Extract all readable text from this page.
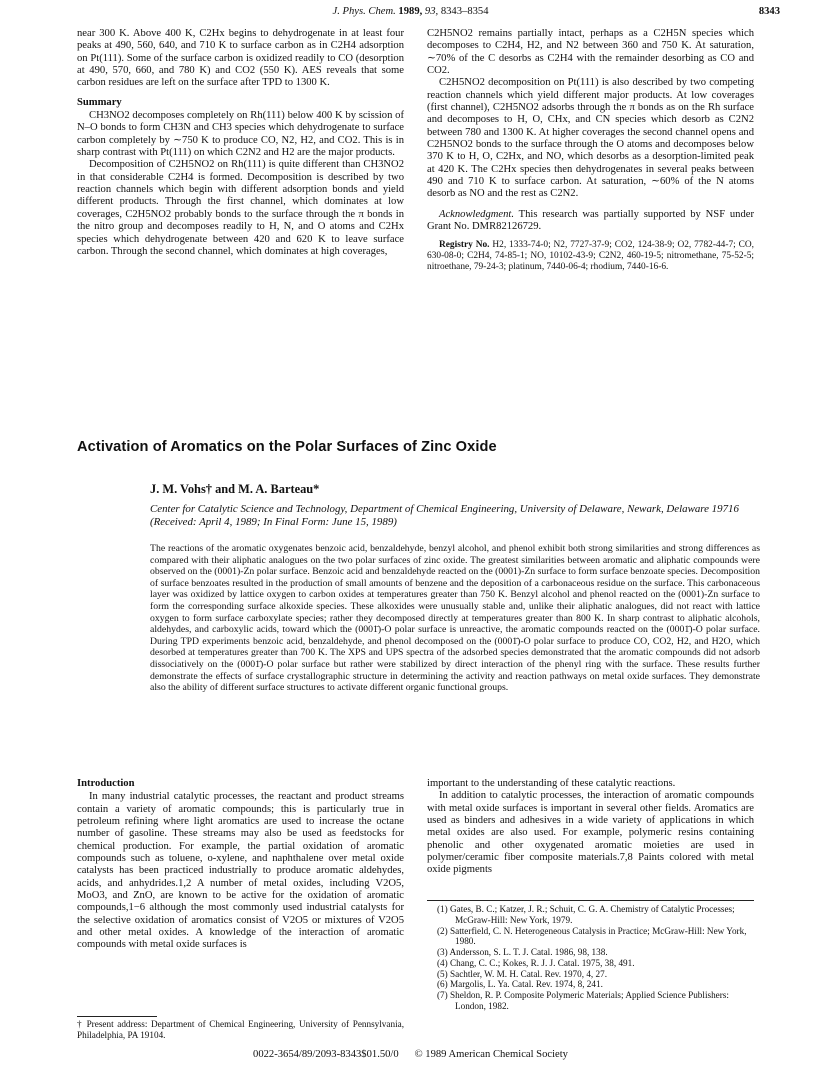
J. Phys. Chem. 1989, 93, 8343–8354	8343

near 300 K. Above 400 K, C2Hx begins to dehydrogenate in at least four peaks at 490, 560, 640, and 710 K to surface carbon as in C2H4 adsorption on Pt(111). Some of the surface carbon is oxidized readily to CO (desorption at 490, 570, 660, and 780 K) and CO2 (550 K). AES reveals that some carbon residues are left on the surface after TPD to 1300 K.

Summary

CH3NO2 decomposes completely on Rh(111) below 400 K by scission of N–O bonds to form CH3N and CH3 species which dehydrogenate to surface carbon completely by ∼750 K to produce CO, N2, H2, and CO2. This is in sharp contrast with Pt(111) on which C2N2 and H2 are the major products.

Decomposition of C2H5NO2 on Rh(111) is quite different than CH3NO2 in that considerable C2H4 is formed. Decomposition is described by two reaction channels which begin with different adsorption bonds and yield different products. Through the first channel, which dominates at low coverages, C2H5NO2 probably bonds to the surface through the π bonds in the nitro group and decomposes readily to H, N, and O atoms and C2Hx species which dehydrogenate between 420 and 620 K to leave surface carbon. Through the second channel, which dominates at high coverages,

C2H5NO2 remains partially intact, perhaps as a C2H5N species which decomposes to C2H4, H2, and N2 between 360 and 750 K. At saturation, ∼70% of the C desorbs as C2H4 with the remainder desorbing as CO and CO2.

C2H5NO2 decomposition on Pt(111) is also described by two competing reaction channels which yield different major products. At low coverages (first channel), C2H5NO2 adsorbs through the π bonds as on the Rh surface and decomposes to H, O, CHx, and CN species which desorb as C2N2 between 780 and 1300 K. At higher coverages the second channel opens and C2H5NO2 bonds to the surface through the O atoms and decomposes below 370 K to H, O, C2Hx, and NO, which desorbs as a desorption-limited peak at 420 K. The C2Hx species then dehydrogenates in several peaks between 490 and 710 K to surface carbon. At saturation, ∼60% of the N atoms desorb as NO and the rest as C2N2.

Acknowledgment. This research was partially supported by NSF under Grant No. DMR82126729.

Registry No. H2, 1333-74-0; N2, 7727-37-9; CO2, 124-38-9; O2, 7782-44-7; CO, 630-08-0; C2H4, 74-85-1; NO, 10102-43-9; C2N2, 460-19-5; nitromethane, 75-52-5; nitroethane, 79-24-3; platinum, 7440-06-4; rhodium, 7440-16-6.

Activation of Aromatics on the Polar Surfaces of Zinc Oxide
J. M. Vohs† and M. A. Barteau*
Center for Catalytic Science and Technology, Department of Chemical Engineering, University of Delaware, Newark, Delaware 19716 (Received: April 4, 1989; In Final Form: June 15, 1989)
The reactions of the aromatic oxygenates benzoic acid, benzaldehyde, benzyl alcohol, and phenol exhibit both strong similarities and strong differences as compared with their aliphatic analogues on the two polar surfaces of zinc oxide. The greatest similarities between aromatic and aliphatic compounds were observed on the (0001)-Zn polar surface. Benzoic acid and benzaldehyde reacted on the (0001)-Zn surface to form surface benzoate species. Decomposition of surface benzoates resulted in the production of small amounts of benzene and the deposition of a carbonaceous residue on the surface. This carbonaceous layer was oxidized by lattice oxygen to carbon oxides at temperatures greater than 750 K. Benzyl alcohol and phenol reacted on the (0001)-Zn surface to form the corresponding surface alkoxide species. These alkoxides were unusually stable and, unlike their aliphatic analogues, did not react with lattice oxygen to form surface carboxylate species; rather they decomposed directly at temperatures greater than 800 K. In sharp contrast to aliphatic alcohols, aldehydes, and carboxylic acids, toward which the (0001̄)-O polar surface is unreactive, the aromatic compounds reacted on the (0001̄)-O polar surface. During TPD experiments benzoic acid, benzaldehyde, and phenol decomposed on the (0001̄)-O polar surface to produce CO, CO2, H2, and H2O, which desorbed at temperatures greater than 700 K. The XPS and UPS spectra of the adsorbed species demonstrated that the aromatic compounds did not adsorb dissociatively on the (0001̄)-O polar surface but rather were stabilized by direct interaction of the phenyl ring with the surface. These results further demonstrate the effects of surface crystallographic structure in determining the activity and reaction pathways on metal oxide surfaces. They demonstrate also the ability of different surface structures to activate different organic functional groups.

Introduction

In many industrial catalytic processes, the reactant and product streams contain a variety of aromatic compounds; this is particularly true in petroleum refining where light aromatics are used to increase the octane number of gasoline. These streams may also be used as feedstocks for chemical production. For example, the partial oxidation of aromatic compounds such as toluene, o-xylene, and naphthalene over metal oxide catalysts has been practiced industrially to produce aromatic aldehydes, acids, and anhydrides.1,2 A number of metal oxides, including V2O5, MoO3, and ZnO, are known to be active for the oxidation of aromatic compounds,1−6 although the most commonly used industrial catalysts for the selective oxidation of aromatics consist of V2O5 or mixtures of V2O5 and other metal oxides. A knowledge of the interaction of aromatic compounds with metal oxide surfaces is

† Present address: Department of Chemical Engineering, University of Pennsylvania, Philadelphia, PA 19104.

important to the understanding of these catalytic reactions.

In addition to catalytic processes, the interaction of aromatic compounds with metal oxide surfaces is important in several other fields. Aromatics are used as binders and adhesives in a wide variety of applications in which metal oxides are also used. For example, polymeric resins containing phenolic and other oxygenated aromatic moieties are used in polymer/ceramic fiber composite materials.7,8 Paints colored with metal oxide pigments

(1) Gates, B. C.; Katzer, J. R.; Schuit, C. G. A. Chemistry of Catalytic Processes; McGraw-Hill: New York, 1979.

(2) Satterfield, C. N. Heterogeneous Catalysis in Practice; McGraw-Hill: New York, 1980.

(3) Andersson, S. L. T. J. Catal. 1986, 98, 138.

(4) Chang, C. C.; Kokes, R. J. J. Catal. 1975, 38, 491.

(5) Sachtler, W. M. H. Catal. Rev. 1970, 4, 27.

(6) Margolis, L. Ya. Catal. Rev. 1974, 8, 241.

(7) Sheldon, R. P. Composite Polymeric Materials; Applied Science Publishers: London, 1982.

0022-3654/89/2093-8343$01.50/0 © 1989 American Chemical Society
